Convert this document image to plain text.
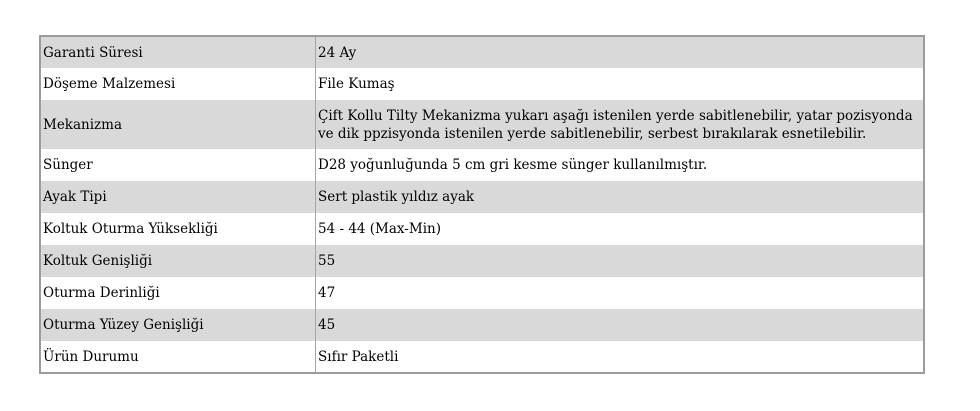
Garanti Süresi	24 Ay
Döşeme Malzemesi	File Kumaş
Mekanizma	Çift Kollu Tilty Mekanizma yukarı aşağı istenilen yerde sabitlenebilir, yatar pozisyonda ve dik ppzisyonda istenilen yerde sabitlenebilir, serbest bırakılarak esnetilebilir.
Sünger	D28 yoğunluğunda 5 cm gri kesme sünger kullanılmıştır.
Ayak Tipi	Sert plastik yıldız ayak
Koltuk Oturma Yüksekliği	54 - 44 (Max-Min)
Koltuk Genişliği	55
Oturma Derinliği	47
Oturma Yüzey Genişliği	45
Ürün Durumu	Sıfır Paketli
